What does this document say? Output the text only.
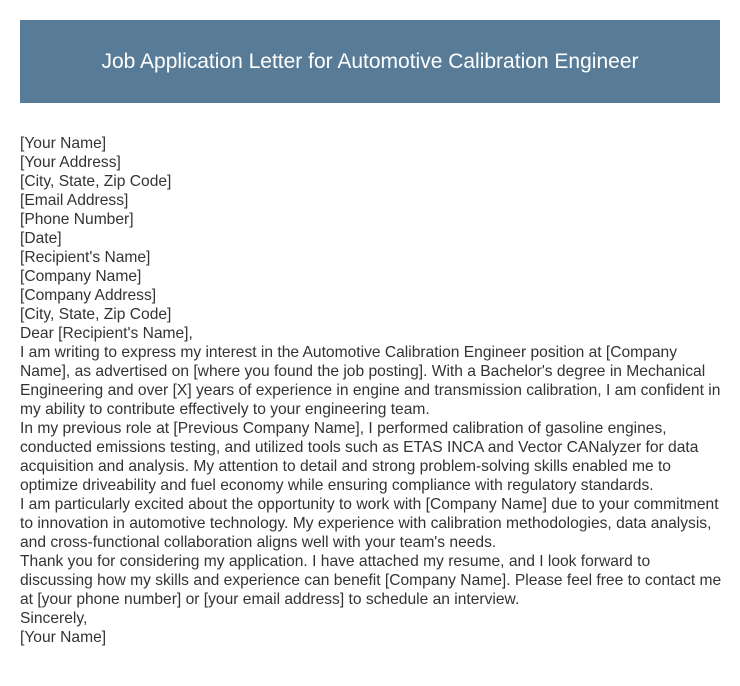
Job Application Letter for Automotive Calibration Engineer
[Your Name]
[Your Address]
[City, State, Zip Code]
[Email Address]
[Phone Number]
[Date]
[Recipient's Name]
[Company Name]
[Company Address]
[City, State, Zip Code]
Dear [Recipient's Name],
I am writing to express my interest in the Automotive Calibration Engineer position at [Company Name], as advertised on [where you found the job posting]. With a Bachelor's degree in Mechanical Engineering and over [X] years of experience in engine and transmission calibration, I am confident in my ability to contribute effectively to your engineering team.
In my previous role at [Previous Company Name], I performed calibration of gasoline engines, conducted emissions testing, and utilized tools such as ETAS INCA and Vector CANalyzer for data acquisition and analysis. My attention to detail and strong problem-solving skills enabled me to optimize driveability and fuel economy while ensuring compliance with regulatory standards.
I am particularly excited about the opportunity to work with [Company Name] due to your commitment to innovation in automotive technology. My experience with calibration methodologies, data analysis, and cross-functional collaboration aligns well with your team's needs.
Thank you for considering my application. I have attached my resume, and I look forward to discussing how my skills and experience can benefit [Company Name]. Please feel free to contact me at [your phone number] or [your email address] to schedule an interview.
Sincerely,
[Your Name]
